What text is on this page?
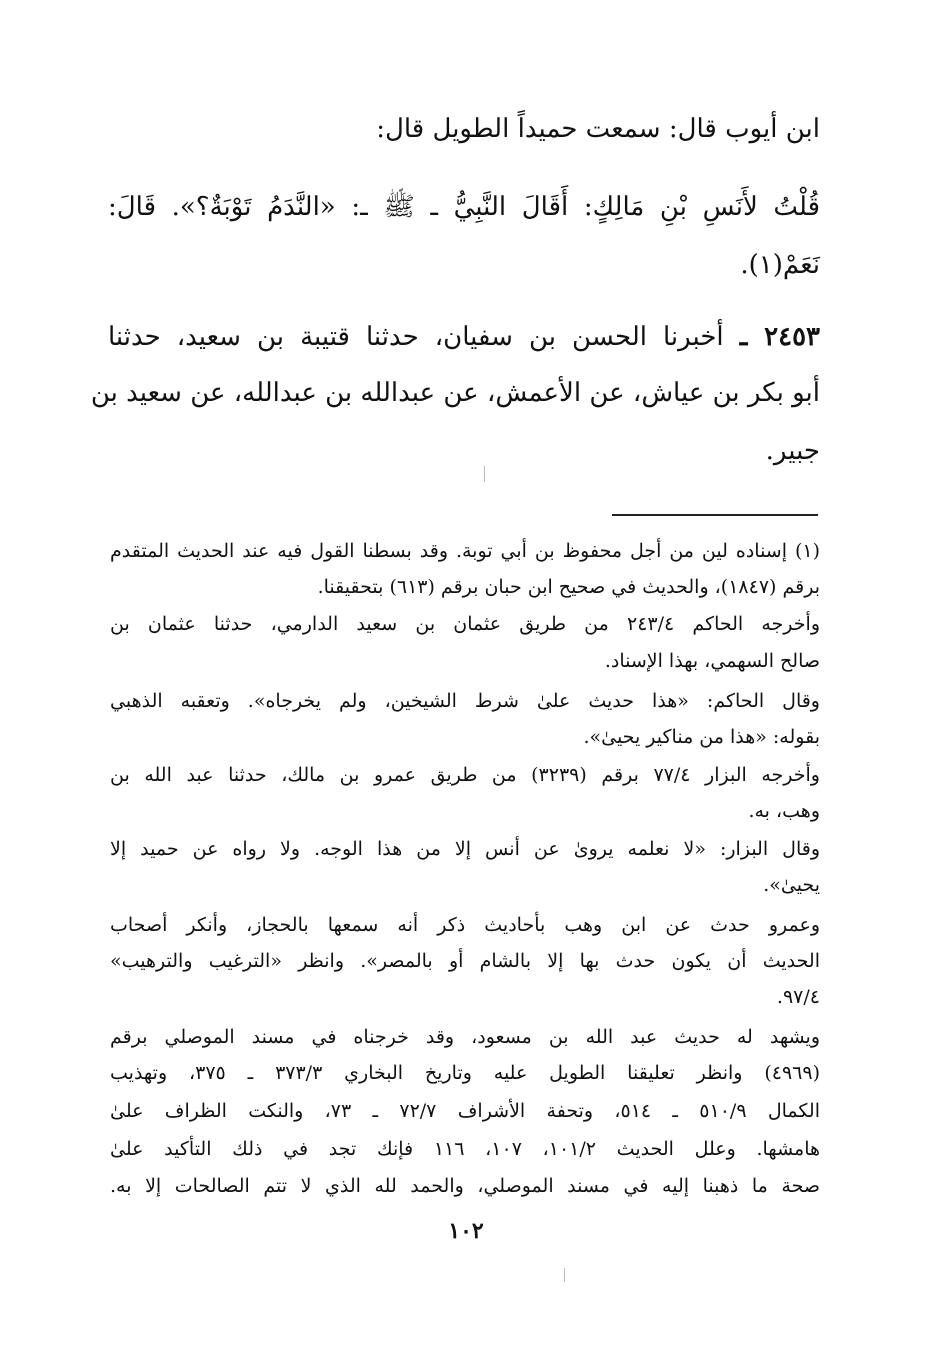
ابن أيوب قال: سمعت حميداً الطويل قال:
قُلْتُ لأَنَسِ بْنِ مَالِكٍ: أَقَالَ النَّبِيُّ ـ ﷺ ـ: «النَّدَمُ تَوْبَةٌ؟». قَالَ:
نَعَمْ(١).
٢٤٥٣ ـ أخبرنا الحسن بن سفيان، حدثنا قتيبة بن سعيد، حدثنا
أبو بكر بن عياش، عن الأعمش، عن عبدالله بن عبدالله، عن سعيد بن
جبير.
(١) إسناده لين من أجل محفوظ بن أبي توبة. وقد بسطنا القول فيه عند الحديث المتقدم
برقم (١٨٤٧)، والحديث في صحيح ابن حبان برقم (٦١٣) بتحقيقنا.
وأخرجه الحاكم ٢٤٣/٤ من طريق عثمان بن سعيد الدارمي، حدثنا عثمان بن
صالح السهمي، بهذا الإسناد.
وقال الحاكم: «هذا حديث علىٰ شرط الشيخين، ولم يخرجاه». وتعقبه الذهبي
بقوله: «هذا من مناكير يحيىٰ».
وأخرجه البزار ٧٧/٤ برقم (٣٢٣٩) من طريق عمرو بن مالك، حدثنا عبد الله بن
وهب، به.
وقال البزار: «لا نعلمه يروىٰ عن أنس إلا من هذا الوجه. ولا رواه عن حميد إلا
يحيىٰ».
وعمرو حدث عن ابن وهب بأحاديث ذكر أنه سمعها بالحجاز، وأنكر أصحاب
الحديث أن يكون حدث بها إلا بالشام أو بالمصر». وانظر «الترغيب والترهيب»
٩٧/٤.
ويشهد له حديث عبد الله بن مسعود، وقد خرجناه في مسند الموصلي برقم
(٤٩٦٩) وانظر تعليقنا الطويل عليه وتاريخ البخاري ٣٧٣/٣ ـ ٣٧٥، وتهذيب
الكمال ٥١٠/٩ ـ ٥١٤، وتحفة الأشراف ٧٢/٧ ـ ٧٣، والنكت الظراف علىٰ
هامشها. وعلل الحديث ١٠١/٢، ١٠٧، ١١٦ فإنك تجد في ذلك التأكيد علىٰ
صحة ما ذهبنا إليه في مسند الموصلي، والحمد لله الذي لا تتم الصالحات إلا به.
١٠٢
